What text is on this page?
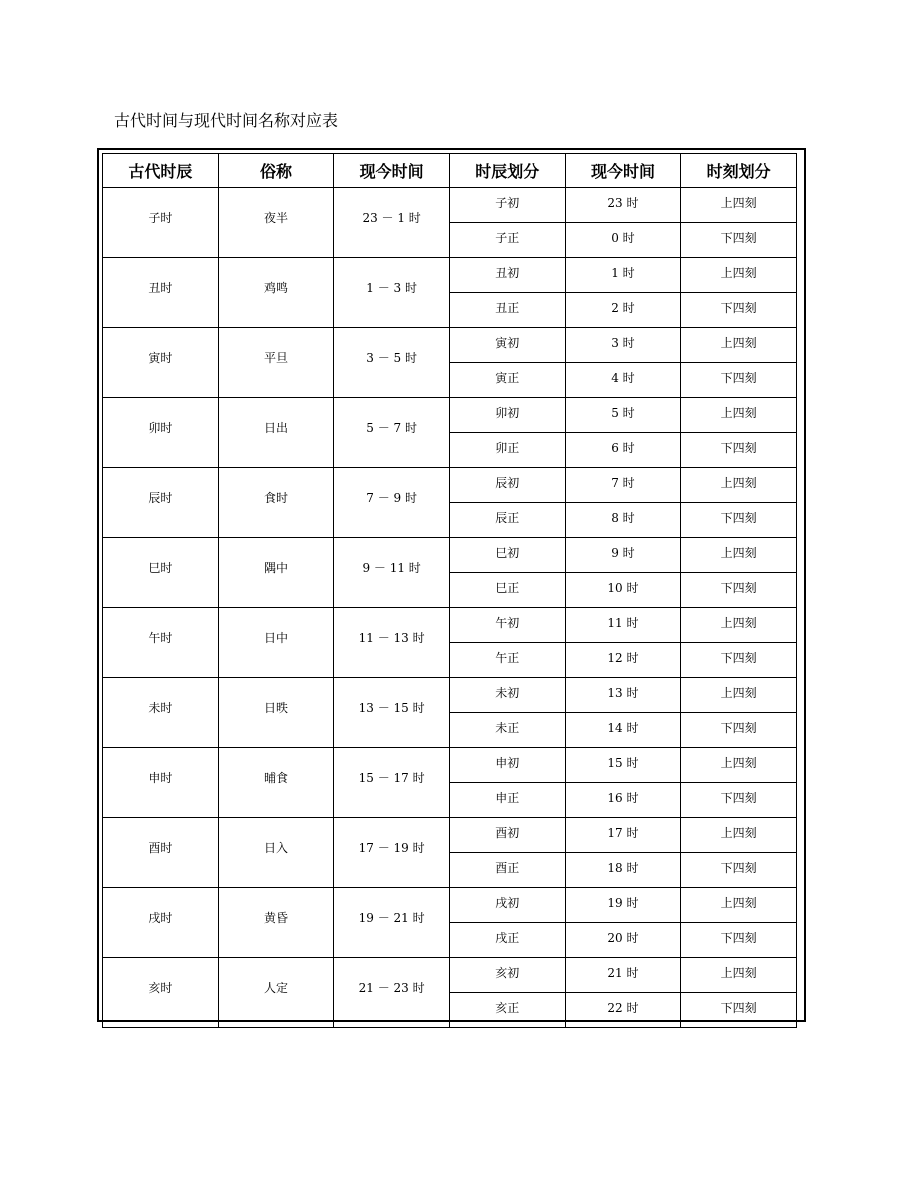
古代时间与现代时间名称对应表
古代时辰	俗称	现今时间	时辰划分	现今时间	时刻划分
子时	夜半	23 － 1 时	子初	23 时	上四刻
			子正	0 时	下四刻
丑时	鸡鸣	1 － 3 时	丑初	1 时	上四刻
			丑正	2 时	下四刻
寅时	平旦	3 － 5 时	寅初	3 时	上四刻
			寅正	4 时	下四刻
卯时	日出	5 － 7 时	卯初	5 时	上四刻
			卯正	6 时	下四刻
辰时	食时	7 － 9 时	辰初	7 时	上四刻
			辰正	8 时	下四刻
巳时	隅中	9 － 11 时	巳初	9 时	上四刻
			巳正	10 时	下四刻
午时	日中	11 － 13 时	午初	11 时	上四刻
			午正	12 时	下四刻
未时	日昳	13 － 15 时	未初	13 时	上四刻
			未正	14 时	下四刻
申时	晡食	15 － 17 时	申初	15 时	上四刻
			申正	16 时	下四刻
酉时	日入	17 － 19 时	酉初	17 时	上四刻
			酉正	18 时	下四刻
戌时	黄昏	19 － 21 时	戌初	19 时	上四刻
			戌正	20 时	下四刻
亥时	人定	21 － 23 时	亥初	21 时	上四刻
			亥正	22 时	下四刻
